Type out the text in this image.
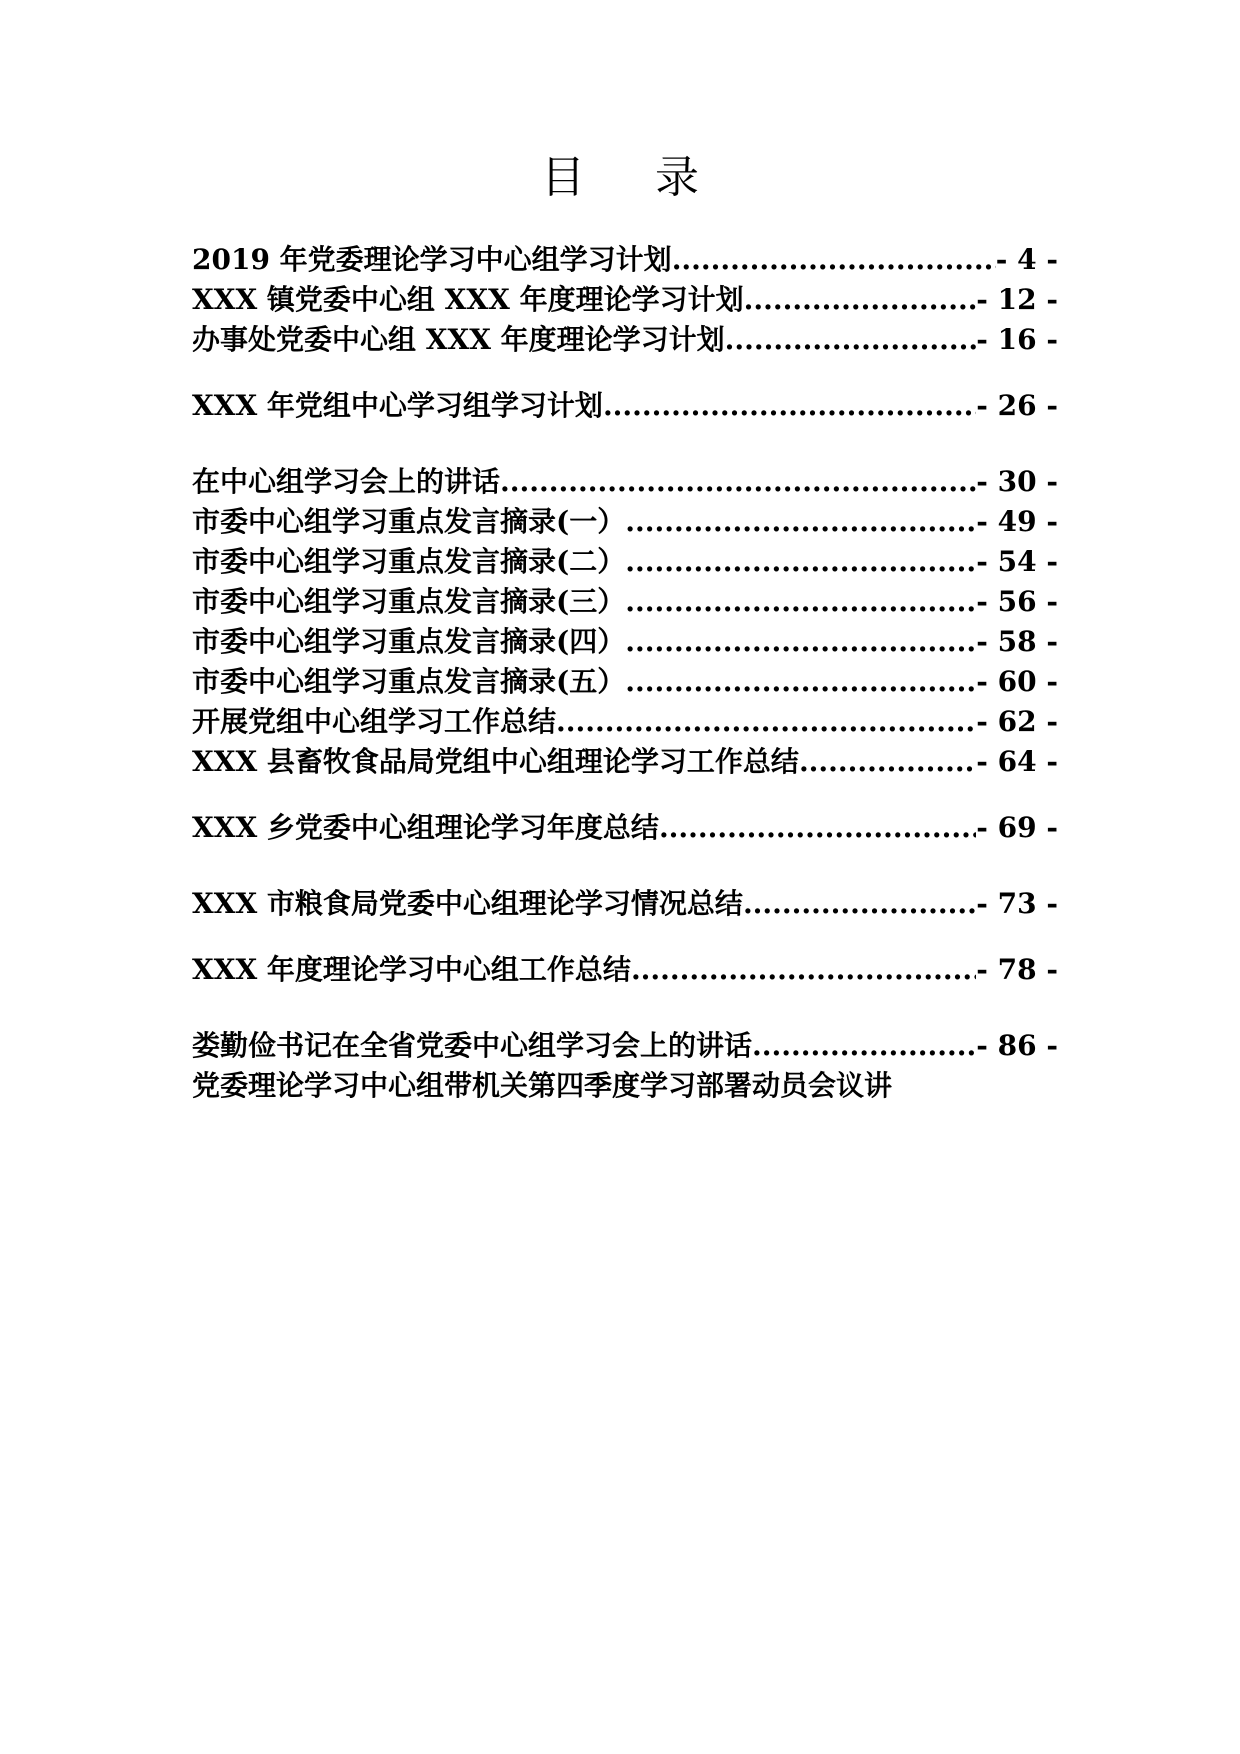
目 录
2019 年党委理论学习中心组学习计划 .....	- 4 -
XXX 镇党委中心组 XXX 年度理论学习计划 .....	- 12 -
办事处党委中心组 XXX 年度理论学习计划 .....	- 16 -
XXX 年党组中心学习组学习计划 .....	- 26 -
在中心组学习会上的讲话 .....	- 30 -
市委中心组学习重点发言摘录(一） .....	- 49 -
市委中心组学习重点发言摘录(二） .....	- 54 -
市委中心组学习重点发言摘录(三） .....	- 56 -
市委中心组学习重点发言摘录(四） .....	- 58 -
市委中心组学习重点发言摘录(五） .....	- 60 -
开展党组中心组学习工作总结 .....	- 62 -
XXX 县畜牧食品局党组中心组理论学习工作总结 .....	- 64 -
XXX 乡党委中心组理论学习年度总结 .....	- 69 -
XXX 市粮食局党委中心组理论学习情况总结 .....	- 73 -
XXX 年度理论学习中心组工作总结 .....	- 78 -
娄勤俭书记在全省党委中心组学习会上的讲话 .....	- 86 -
党委理论学习中心组带机关第四季度学习部署动员会议讲
